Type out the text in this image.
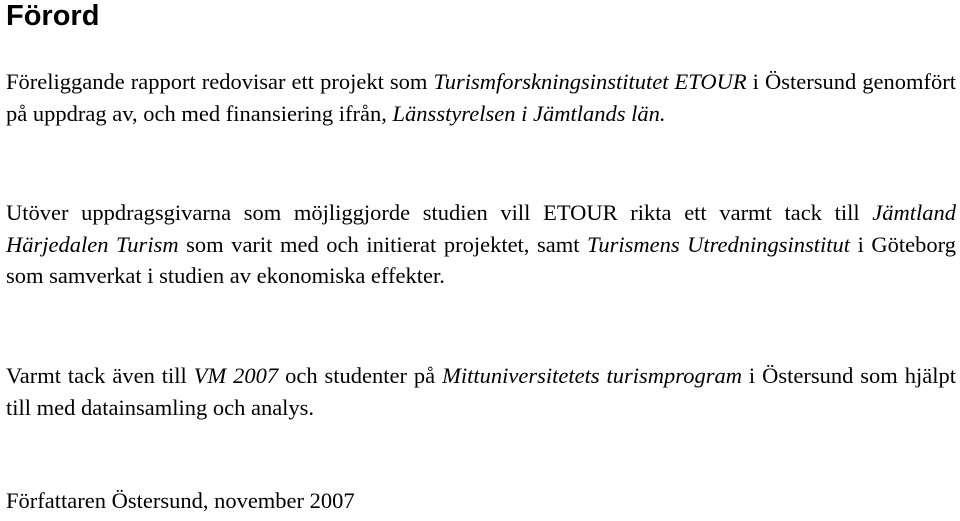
Förord

Föreliggande rapport redovisar ett projekt som Turismforskningsinstitutet ETOUR i Östersund genomfört på uppdrag av, och med finansiering ifrån, Länsstyrelsen i Jämtlands län.

Utöver uppdragsgivarna som möjliggjorde studien vill ETOUR rikta ett varmt tack till Jämtland Härjedalen Turism som varit med och initierat projektet, samt Turismens Utredningsinstitut i Göteborg som samverkat i studien av ekonomiska effekter.

Varmt tack även till VM 2007 och studenter på Mittuniversitetets turismprogram i Östersund som hjälpt till med datainsamling och analys.

Författaren Östersund, november 2007
